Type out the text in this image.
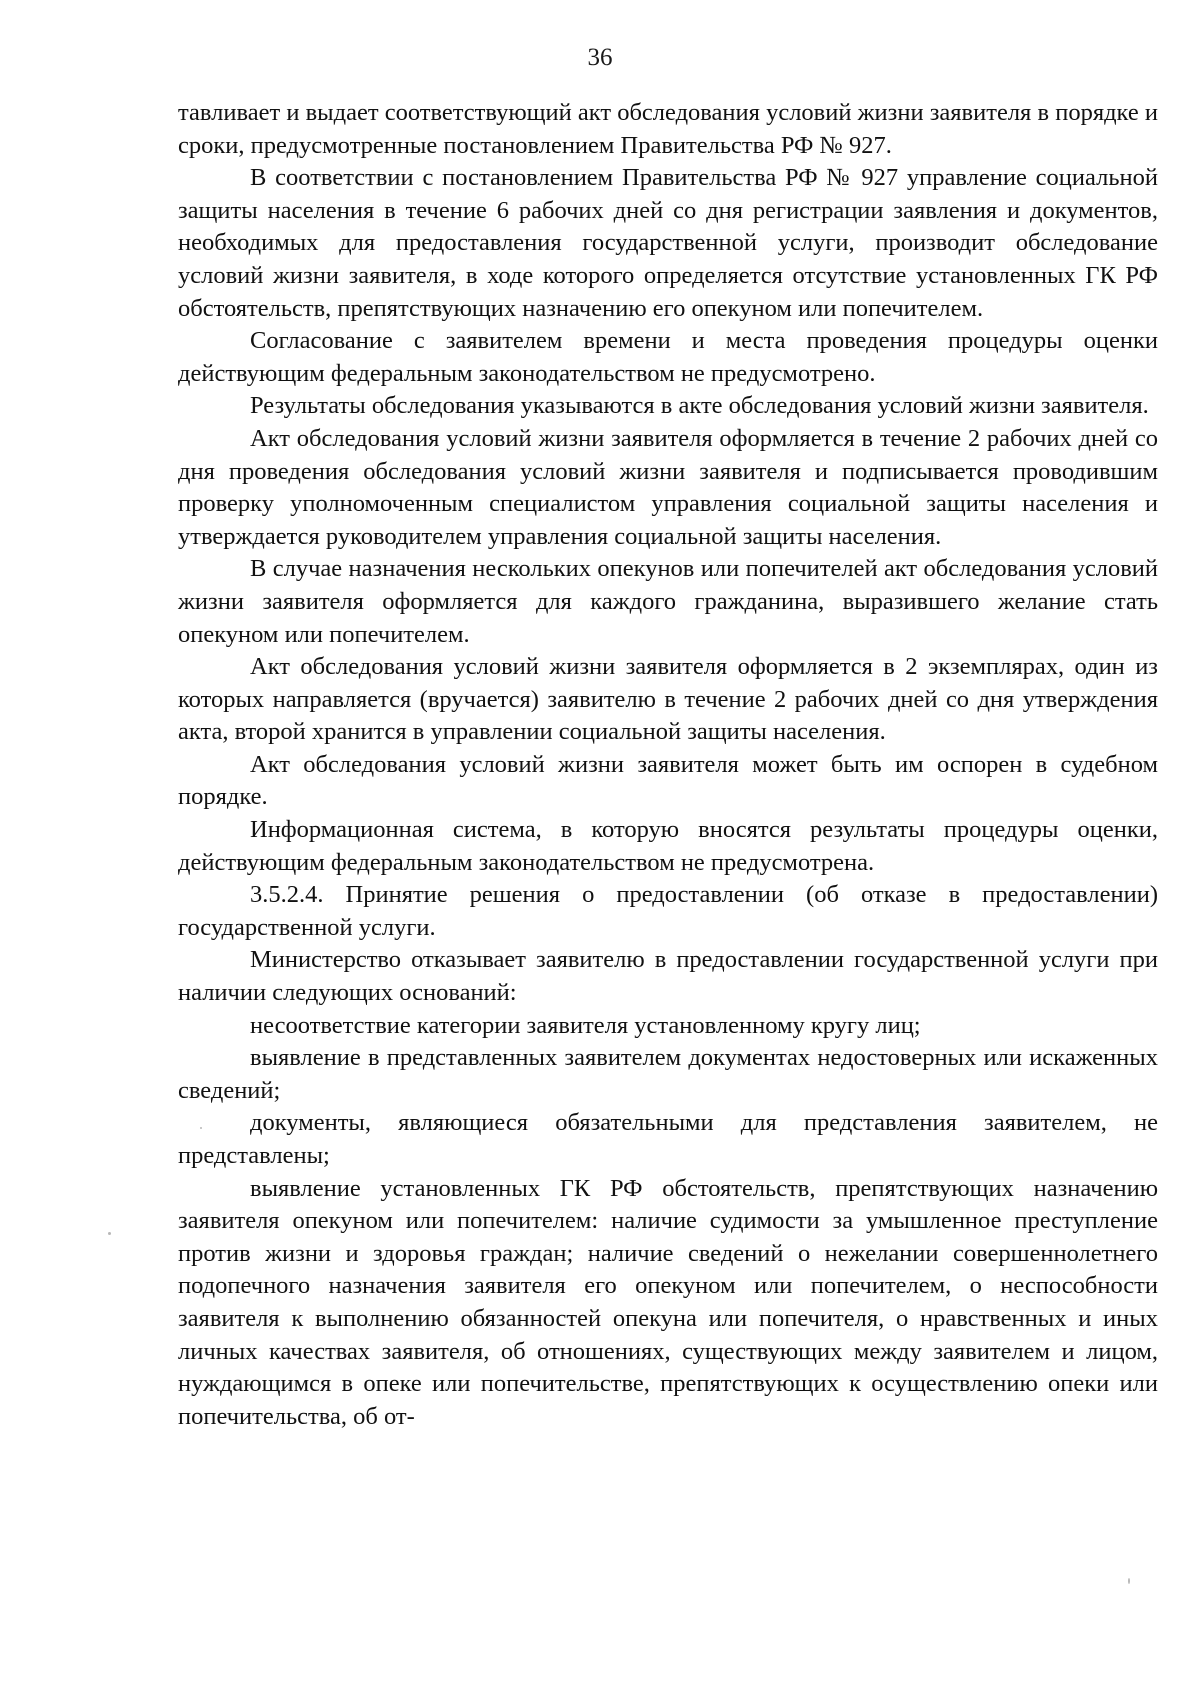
36

тавливает и выдает соответствующий акт обследования условий жизни заявителя в порядке и сроки, предусмотренные постановлением Правительства РФ № 927.

В соответствии с постановлением Правительства РФ № 927 управление социальной защиты населения в течение 6 рабочих дней со дня регистрации заявления и документов, необходимых для предоставления государственной услуги, производит обследование условий жизни заявителя, в ходе которого определяется отсутствие установленных ГК РФ обстоятельств, препятствующих назначению его опекуном или попечителем.

Согласование с заявителем времени и места проведения процедуры оценки действующим федеральным законодательством не предусмотрено.

Результаты обследования указываются в акте обследования условий жизни заявителя.

Акт обследования условий жизни заявителя оформляется в течение 2 рабочих дней со дня проведения обследования условий жизни заявителя и подписывается проводившим проверку уполномоченным специалистом управления социальной защиты населения и утверждается руководителем управления социальной защиты населения.

В случае назначения нескольких опекунов или попечителей акт обследования условий жизни заявителя оформляется для каждого гражданина, выразившего желание стать опекуном или попечителем.

Акт обследования условий жизни заявителя оформляется в 2 экземплярах, один из которых направляется (вручается) заявителю в течение 2 рабочих дней со дня утверждения акта, второй хранится в управлении социальной защиты населения.

Акт обследования условий жизни заявителя может быть им оспорен в судебном порядке.

Информационная система, в которую вносятся результаты процедуры оценки, действующим федеральным законодательством не предусмотрена.

3.5.2.4. Принятие решения о предоставлении (об отказе в предоставлении) государственной услуги.

Министерство отказывает заявителю в предоставлении государственной услуги при наличии следующих оснований:

несоответствие категории заявителя установленному кругу лиц;

выявление в представленных заявителем документах недостоверных или искаженных сведений;

документы, являющиеся обязательными для представления заявителем, не представлены;

выявление установленных ГК РФ обстоятельств, препятствующих назначению заявителя опекуном или попечителем: наличие судимости за умышленное преступление против жизни и здоровья граждан; наличие сведений о нежелании совершеннолетнего подопечного назначения заявителя его опекуном или попечителем, о неспособности заявителя к выполнению обязанностей опекуна или попечителя, о нравственных и иных личных качествах заявителя, об отношениях, существующих между заявителем и лицом, нуждающимся в опеке или попечительстве, препятствующих к осуществлению опеки или попечительства, об от-
